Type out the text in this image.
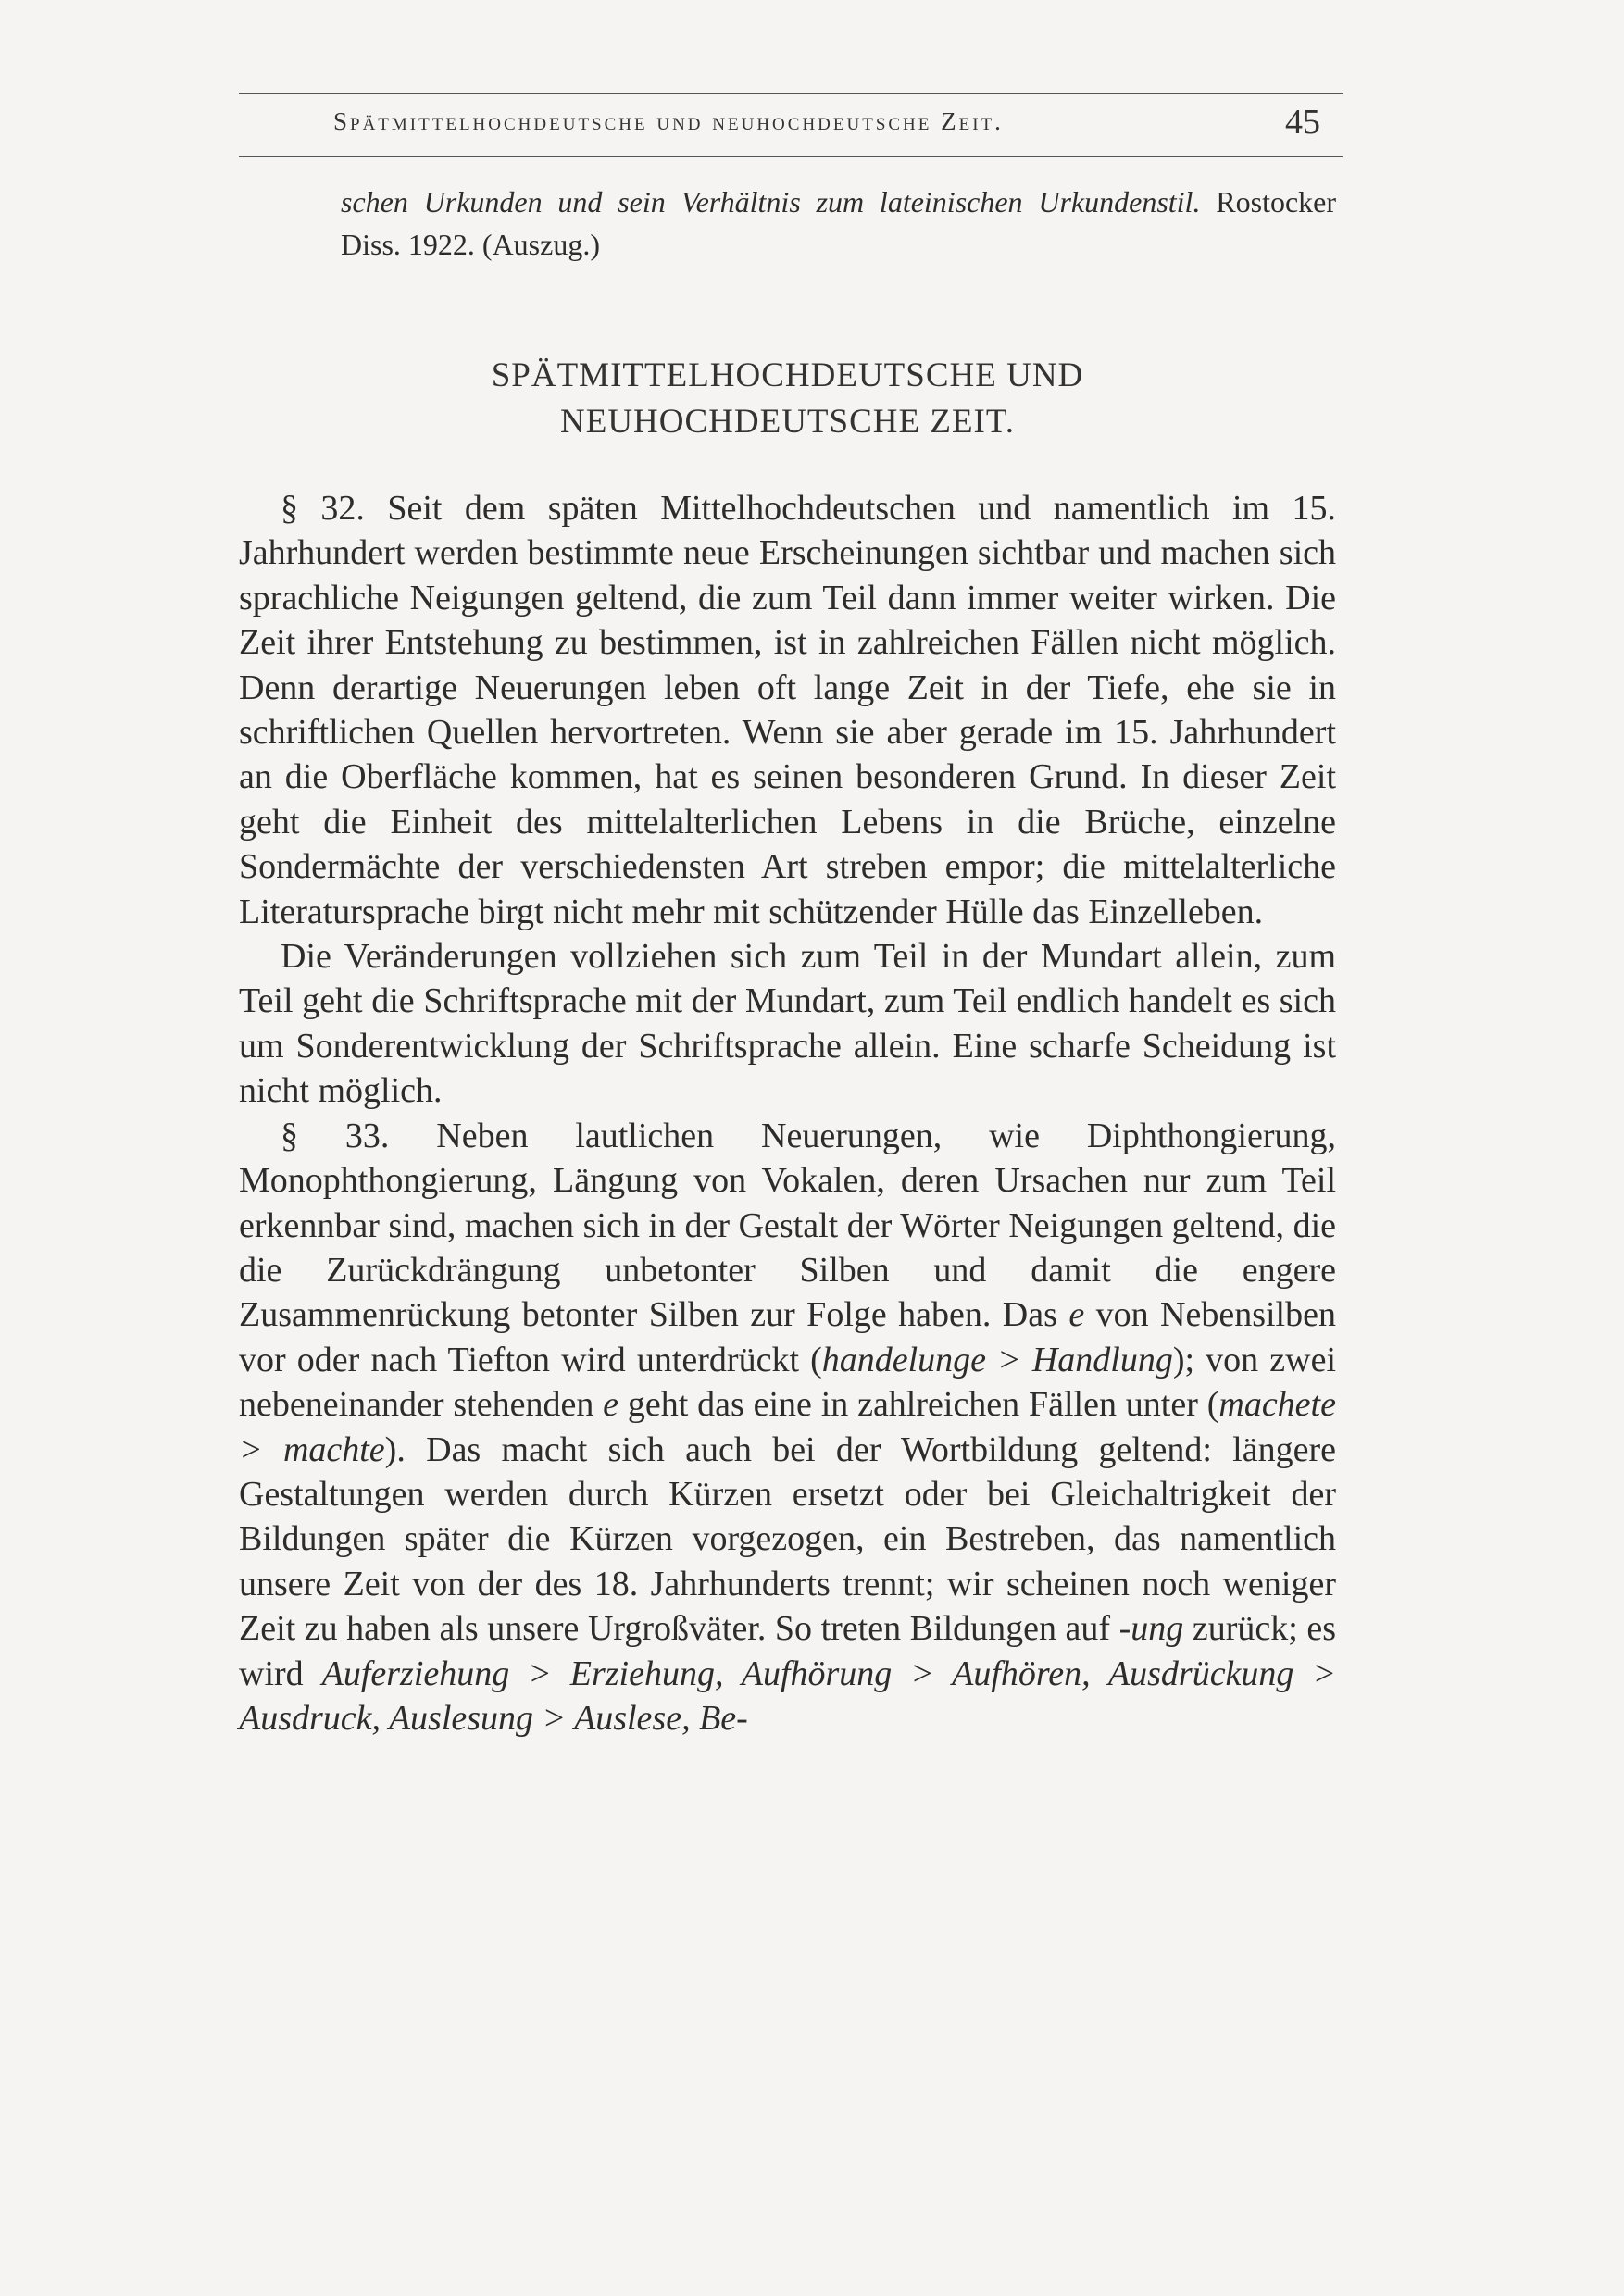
Spätmittelhochdeutsche und neuhochdeutsche Zeit.	45

schen Urkunden und sein Verhältnis zum lateinischen Urkundenstil. Rostocker Diss. 1922. (Auszug.)

SPÄTMITTELHOCHDEUTSCHE UND

NEUHOCHDEUTSCHE ZEIT.

§ 32. Seit dem späten Mittelhochdeutschen und namentlich im 15. Jahrhundert werden bestimmte neue Erscheinungen sichtbar und machen sich sprachliche Neigungen geltend, die zum Teil dann immer weiter wirken. Die Zeit ihrer Entstehung zu bestimmen, ist in zahlreichen Fällen nicht möglich. Denn derartige Neuerungen leben oft lange Zeit in der Tiefe, ehe sie in schriftlichen Quellen hervortreten. Wenn sie aber gerade im 15. Jahrhundert an die Oberfläche kommen, hat es seinen besonderen Grund. In dieser Zeit geht die Einheit des mittelalterlichen Lebens in die Brüche, einzelne Sondermächte der verschiedensten Art streben empor; die mittelalterliche Literatursprache birgt nicht mehr mit schützender Hülle das Einzelleben.

Die Veränderungen vollziehen sich zum Teil in der Mundart allein, zum Teil geht die Schriftsprache mit der Mundart, zum Teil endlich handelt es sich um Sonderentwicklung der Schriftsprache allein. Eine scharfe Scheidung ist nicht möglich.

§ 33. Neben lautlichen Neuerungen, wie Diphthongierung, Monophthongierung, Längung von Vokalen, deren Ursachen nur zum Teil erkennbar sind, machen sich in der Gestalt der Wörter Neigungen geltend, die die Zurückdrängung unbetonter Silben und damit die engere Zusammenrückung betonter Silben zur Folge haben. Das e von Nebensilben vor oder nach Tiefton wird unterdrückt (handelunge > Handlung); von zwei nebeneinander stehenden e geht das eine in zahlreichen Fällen unter (machete > machte). Das macht sich auch bei der Wortbildung geltend: längere Gestaltungen werden durch Kürzen ersetzt oder bei Gleichaltrigkeit der Bildungen später die Kürzen vorgezogen, ein Bestreben, das namentlich unsere Zeit von der des 18. Jahrhunderts trennt; wir scheinen noch weniger Zeit zu haben als unsere Urgroßväter. So treten Bildungen auf -ung zurück; es wird Auferziehung > Erziehung, Aufhörung > Aufhören, Ausdrückung > Ausdruck, Auslesung > Auslese, Be-
